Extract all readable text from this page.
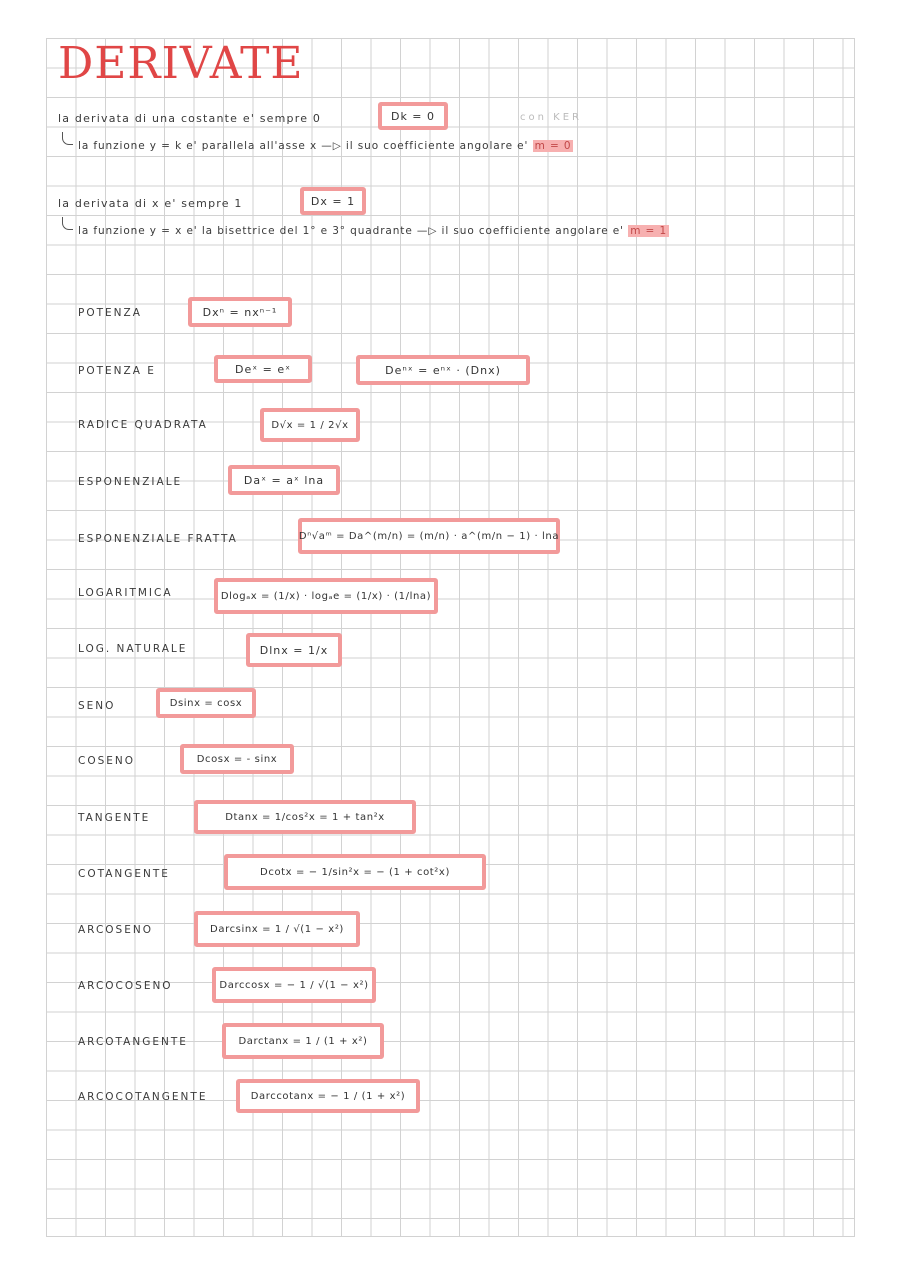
DERIVATE
la derivata di una costante e' sempre 0	Dk = 0	con KER
la funzione y = k e' parallela all'asse x —▷ il suo coefficiente angolare e' m = 0
la derivata di x e' sempre 1	Dx = 1
la funzione y = x e' la bisettrice del 1° e 3° quadrante —▷ il suo coefficiente angolare e' m = 1
POTENZA	Dxⁿ = nxⁿ⁻¹
POTENZA E	Deˣ = eˣ	Deⁿˣ = eⁿˣ · (Dnx)
RADICE QUADRATA	D√x = 1 / 2√x
ESPONENZIALE	Daˣ = aˣ lna
ESPONENZIALE FRATTA	Dⁿ√aᵐ = Da^(m/n) = (m/n) · a^(m/n − 1) · lna
LOGARITMICA	Dlogₐx = (1/x) · logₐe = (1/x) · (1/lna)
LOG. NATURALE	Dlnx = 1/x
SENO	Dsinx = cosx
COSENO	Dcosx = - sinx
TANGENTE	Dtanx = 1/cos²x = 1 + tan²x
COTANGENTE	Dcotx = − 1/sin²x = − (1 + cot²x)
ARCOSENO	Darcsinx = 1 / √(1 − x²)
ARCOCOSENO	Darccosx = − 1 / √(1 − x²)
ARCOTANGENTE	Darctanx = 1 / (1 + x²)
ARCOCOTANGENTE	Darccotanx = − 1 / (1 + x²)
